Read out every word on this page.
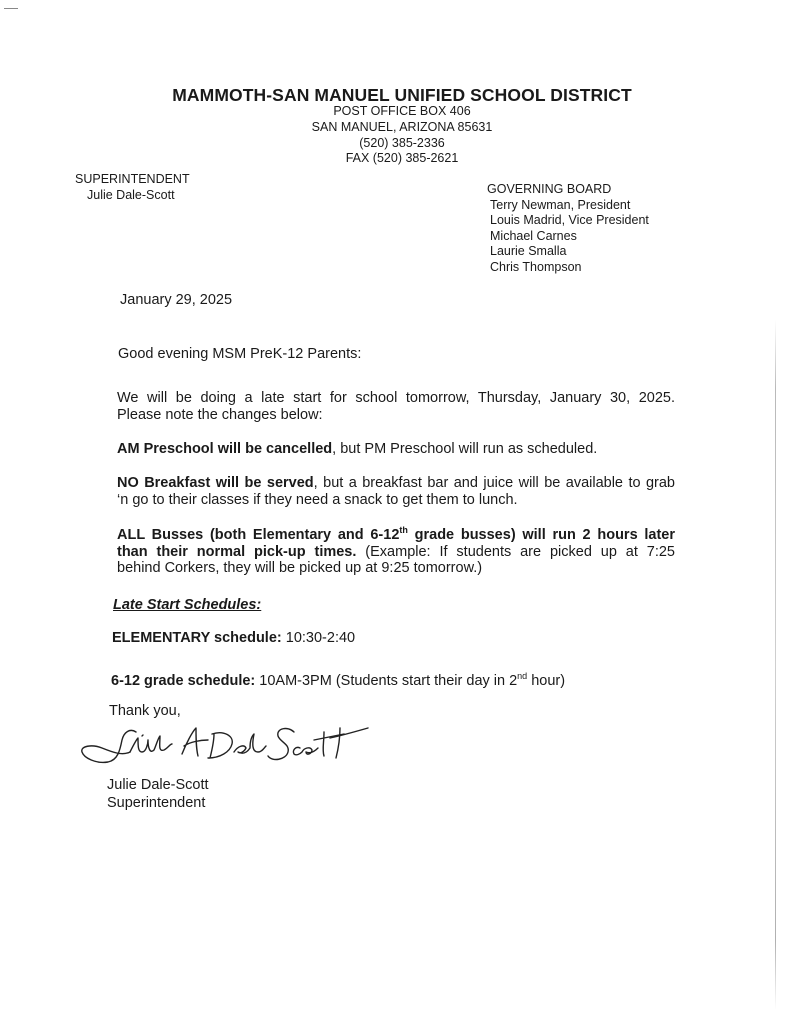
MAMMOTH-SAN MANUEL UNIFIED SCHOOL DISTRICT
POST OFFICE BOX 406
SAN MANUEL, ARIZONA 85631
(520) 385-2336
FAX (520) 385-2621
SUPERINTENDENT
Julie Dale-Scott	GOVERNING BOARD
Terry Newman, President
Louis Madrid, Vice President
Michael Carnes
Laurie Smalla
Chris Thompson
January 29, 2025
Good evening MSM PreK-12 Parents:
We will be doing a late start for school tomorrow, Thursday, January 30, 2025.
Please note the changes below:
AM Preschool will be cancelled, but PM Preschool will run as scheduled.
NO Breakfast will be served, but a breakfast bar and juice will be available to grab
‘n go to their classes if they need a snack to get them to lunch.
ALL Busses (both Elementary and 6-12th grade busses) will run 2 hours later
than their normal pick-up times. (Example: If students are picked up at 7:25
behind Corkers, they will be picked up at 9:25 tomorrow.)
Late Start Schedules:
ELEMENTARY schedule: 10:30-2:40
6-12 grade schedule: 10AM-3PM (Students start their day in 2nd hour)
Thank you,
Julie Dale-Scott
Superintendent
